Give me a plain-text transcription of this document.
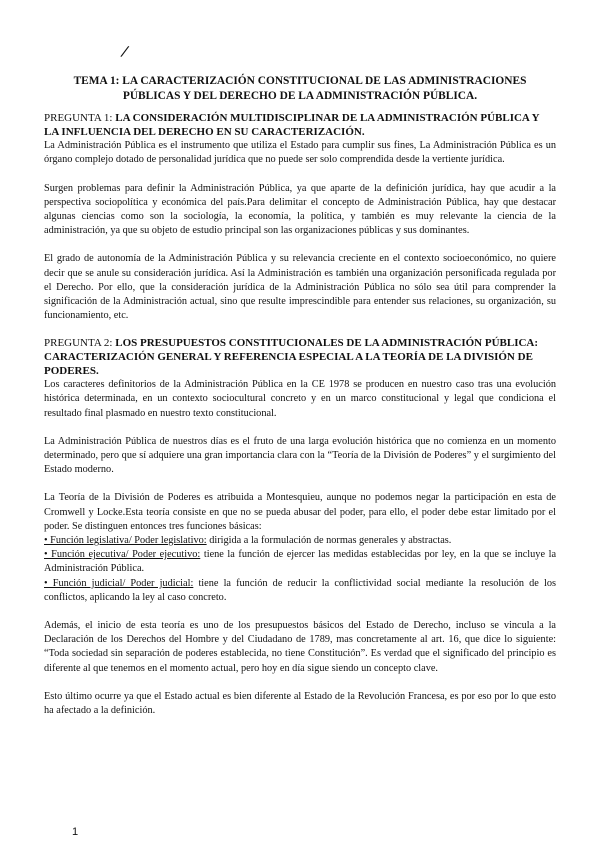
/
TEMA 1: LA CARACTERIZACIÓN CONSTITUCIONAL DE LAS ADMINISTRACIONES PÚBLICAS Y DEL DERECHO DE LA ADMINISTRACIÓN PÚBLICA.
PREGUNTA 1: LA CONSIDERACIÓN MULTIDISCIPLINAR DE LA ADMINISTRACIÓN PÚBLICA Y LA INFLUENCIA DEL DERECHO EN SU CARACTERIZACIÓN.

La Administración Pública es el instrumento que utiliza el Estado para cumplir sus fines, La Administración Pública es un órgano complejo dotado de personalidad jurídica que no puede ser solo comprendida desde la vertiente jurídica.

Surgen problemas para definir la Administración Pública, ya que aparte de la definición jurídica, hay que acudir a la perspectiva sociopolítica y económica del país.Para delimitar el concepto de Administración Pública, hay que destacar algunas ciencias como son la sociología, la economía, la política, y también es muy relevante la ciencia de la administración, ya que su objeto de estudio principal son las organizaciones públicas y sus dominantes.

El grado de autonomía de la Administración Pública y su relevancia creciente en el contexto socioeconómico, no quiere decir que se anule su consideración jurídica. Así la Administración es también una organización personificada regulada por el Derecho. Por ello, que la consideración jurídica de la Administración Pública no sólo sea útil para comprender la significación de la Administración actual, sino que resulte imprescindible para entender sus relaciones, su organización, su funcionamiento, etc.

PREGUNTA 2: LOS PRESUPUESTOS CONSTITUCIONALES DE LA ADMINISTRACIÓN PÚBLICA: CARACTERIZACIÓN GENERAL Y REFERENCIA ESPECIAL A LA TEORÍA DE LA DIVISIÓN DE PODERES.

Los caracteres definitorios de la Administración Pública en la CE 1978 se producen en nuestro caso tras una evolución histórica determinada, en un contexto sociocultural concreto y en un marco constitucional y legal que condiciona el resultado final plasmado en nuestro texto constitucional.

La Administración Pública de nuestros días es el fruto de una larga evolución histórica que no comienza en un momento determinado, pero que sí adquiere una gran importancia clara con la “Teoría de la División de Poderes” y el surgimiento del Estado moderno.

La Teoría de la División de Poderes es atribuida a Montesquieu, aunque no podemos negar la participación en esta de Cromwell y Locke.Esta teoría consiste en que no se pueda abusar del poder, para ello, el poder debe estar limitado por el poder. Se distinguen entonces tres funciones básicas:

• Función legislativa/ Poder legislativo: dirigida a la formulación de normas generales y abstractas.
• Función ejecutiva/ Poder ejecutivo: tiene la función de ejercer las medidas establecidas por ley, en la que se incluye la Administración Pública.
• Función judicial/ Poder judicial: tiene la función de reducir la conflictividad social mediante la resolución de los conflictos, aplicando la ley al caso concreto.

Además, el inicio de esta teoría es uno de los presupuestos básicos del Estado de Derecho, incluso se vincula a la Declaración de los Derechos del Hombre y del Ciudadano de 1789, mas concretamente al art. 16, que dice lo siguiente: “Toda sociedad sin separación de poderes establecida, no tiene Constitución”. Es verdad que el significado del principio es diferente al que tenemos en el momento actual, pero hoy en día sigue siendo un concepto clave.

Esto último ocurre ya que el Estado actual es bien diferente al Estado de la Revolución Francesa, es por eso por lo que esto ha afectado a la definición.

1
